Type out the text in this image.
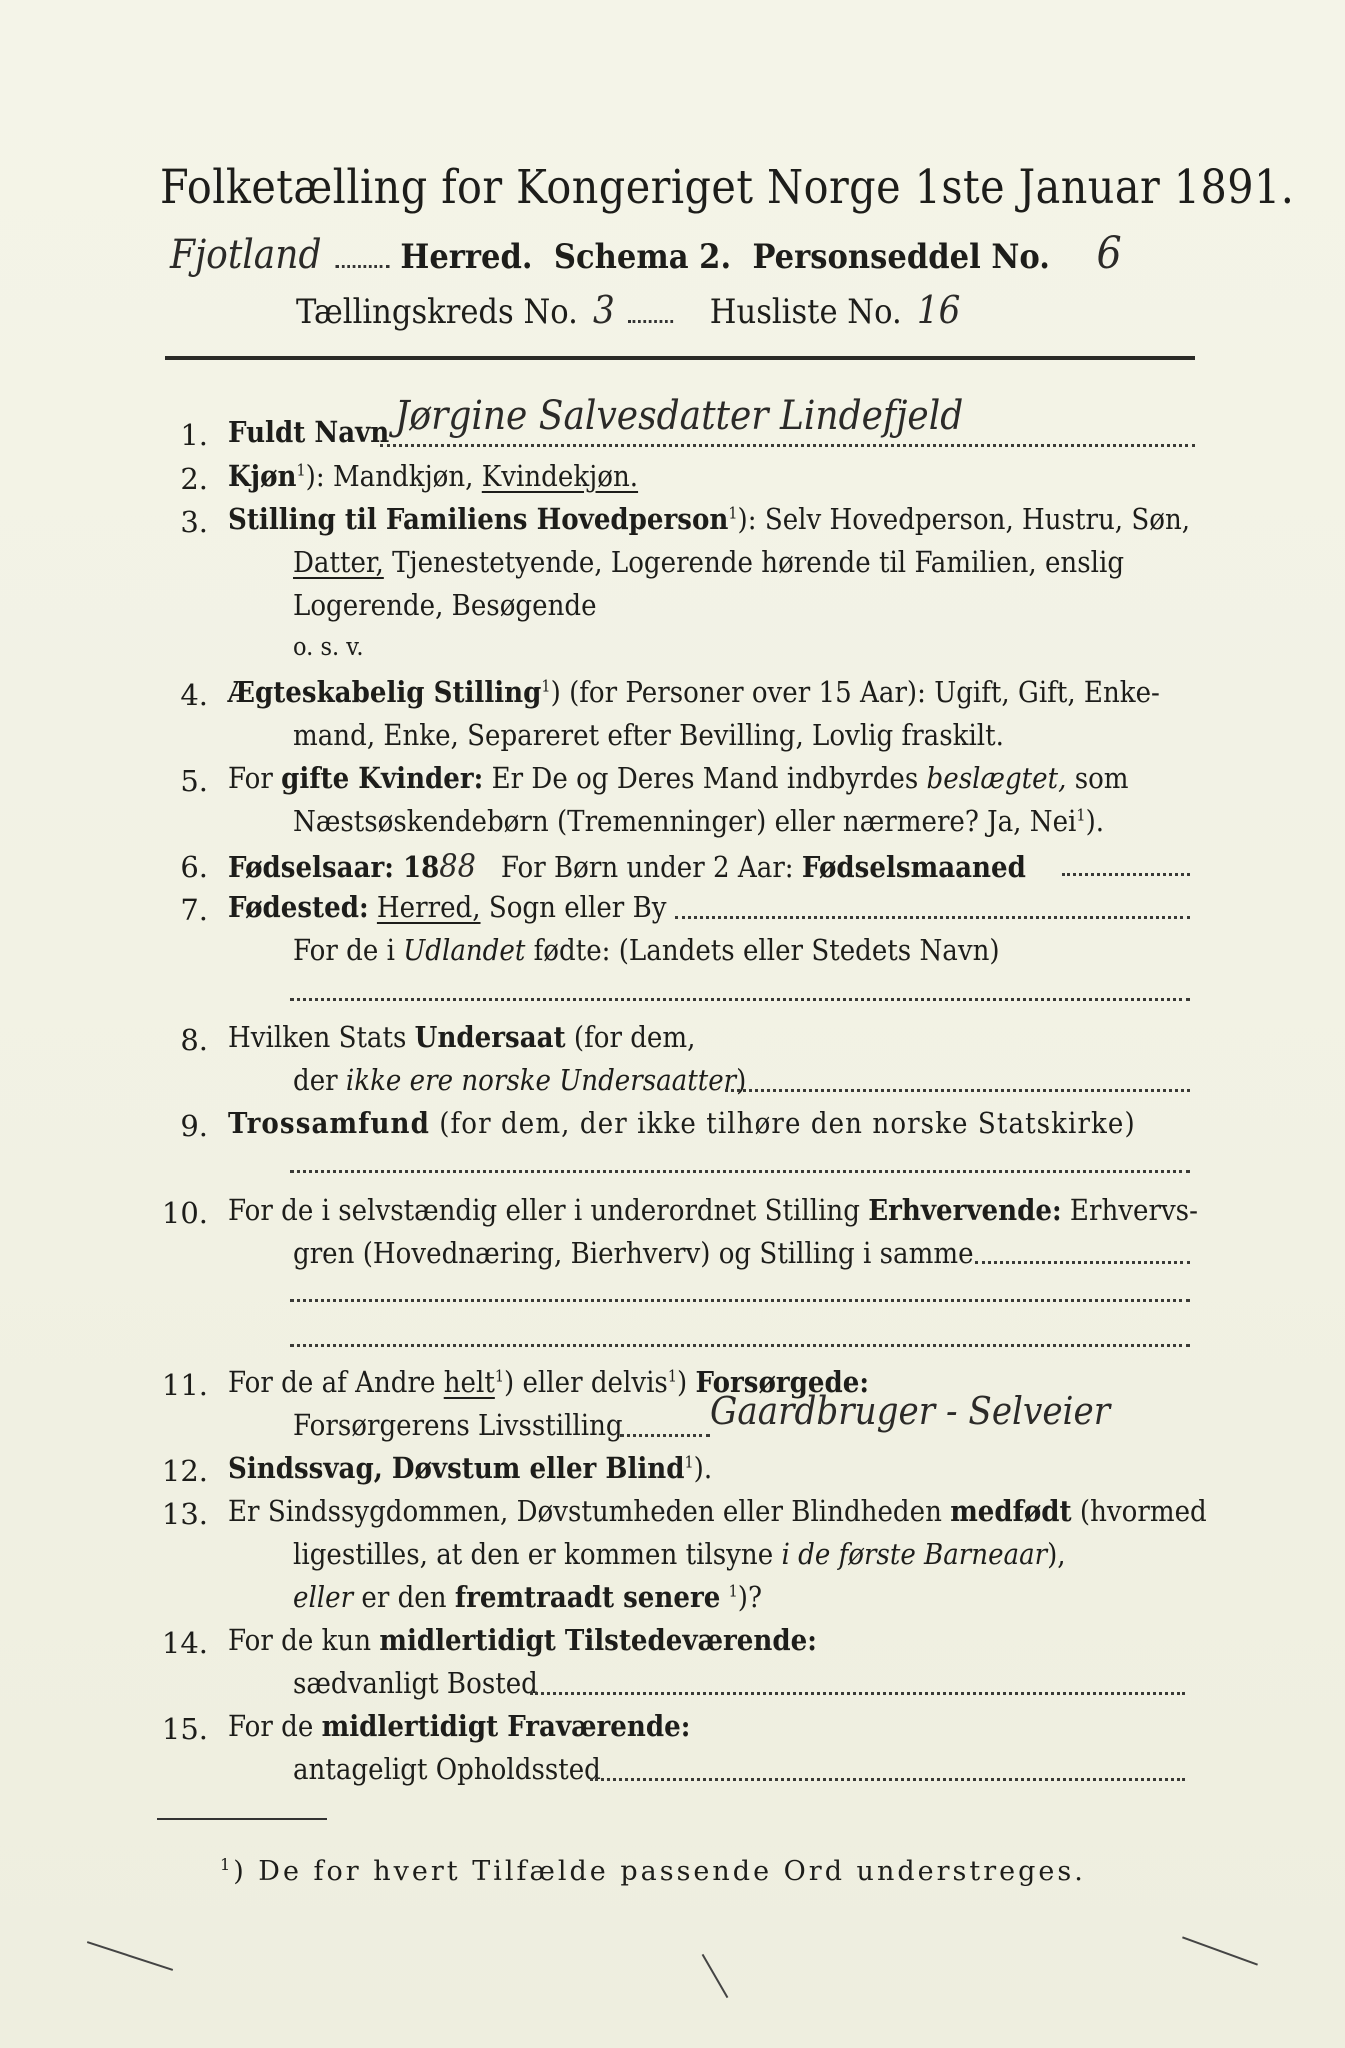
Folketælling for Kongeriget Norge 1ste Januar 1891.
Fjotland Herred. Schema 2. Personseddel No. 6
Tællingskreds No. 3	Husliste No. 16
1. Fuldt Navn Jørgine Salvesdatter Lindefjeld
2. Kjøn$^1$): Mandkjøn, Kvindekjøn.
3. Stilling til Familiens Hovedperson$^1$): Selv Hovedperson, Hustru, Søn,
Datter, Tjenestetyende, Logerende hørende til Familien, enslig
Logerende, Besøgende
o. s. v.
4. Ægteskabelig Stilling$^1$) (for Personer over 15 Aar): Ugift, Gift, Enke-
mand, Enke, Separeret efter Bevilling, Lovlig fraskilt.
5. For gifte Kvinder: Er De og Deres Mand indbyrdes beslægtet, som
Næstsøskendebørn (Tremenninger) eller nærmere? Ja, Nei$^1$).
6. Fødselsaar: 1888 For Børn under 2 Aar: Fødselsmaaned
7. Fødested: Herred, Sogn eller By
For de i Udlandet fødte: (Landets eller Stedets Navn)
8. Hvilken Stats Undersaat (for dem,
der ikke ere norske Undersaatter)
9. Trossamfund (for dem, der ikke tilhøre den norske Statskirke)
10. For de i selvstændig eller i underordnet Stilling Erhvervende: Erhvervs-
gren (Hovednæring, Bierhverv) og Stilling i samme
11. For de af Andre helt$^1$) eller delvis$^1$) Forsørgede:
Forsørgerens Livsstilling Gaardbruger - Selveier
12. Sindssvag, Døvstum eller Blind$^1$).
13. Er Sindssygdommen, Døvstumheden eller Blindheden medfødt (hvormed
ligestilles, at den er kommen tilsyne i de første Barneaar),
eller er den fremtraadt senere $^1$)?
14. For de kun midlertidigt Tilstedeværende:
sædvanligt Bosted
15. For de midlertidigt Fraværende:
antageligt Opholdssted
$^1$) De for hvert Tilfælde passende Ord understreges.
